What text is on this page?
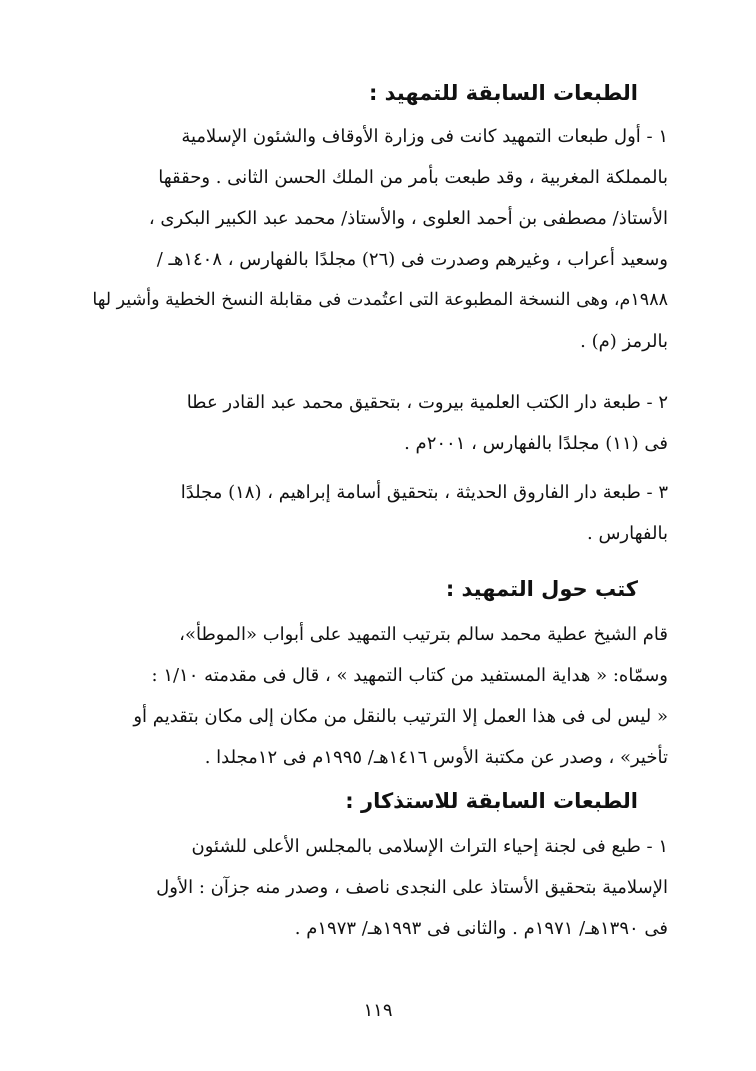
الطبعات السابقة للتمهيد :
١ - أول طبعات التمهيد كانت فى وزارة الأوقاف والشئون الإسلامية
بالمملكة المغربية ، وقد طبعت بأمر من الملك الحسن الثانى . وحققها
الأستاذ/ مصطفى بن أحمد العلوى ، والأستاذ/ محمد عبد الكبير البكرى ،
وسعيد أعراب ، وغيرهم وصدرت فى (٢٦) مجلدًا بالفهارس ، ١٤٠٨هـ /
١٩٨٨م، وهى النسخة المطبوعة التى اعتُمدت فى مقابلة النسخ الخطية وأشير لها
بالرمز (م) .
٢ - طبعة دار الكتب العلمية بيروت ، بتحقيق محمد عبد القادر عطا
فى (١١) مجلدًا بالفهارس ، ٢٠٠١م .
٣ - طبعة دار الفاروق الحديثة ، بتحقيق أسامة إبراهيم ، (١٨) مجلدًا
بالفهارس .
كتب حول التمهيد :
قام الشيخ عطية محمد سالم بترتيب التمهيد على أبواب «الموطأ»،
وسمّاه: « هداية المستفيد من كتاب التمهيد » ، قال فى مقدمته ١/١٠ :
« ليس لى فى هذا العمل إلا الترتيب بالنقل من مكان إلى مكان بتقديم أو
تأخير» ، وصدر عن مكتبة الأوس ١٤١٦هـ/ ١٩٩٥م فى ١٢مجلدا .
الطبعات السابقة للاستذكار :
١ - طبع فى لجنة إحياء التراث الإسلامى بالمجلس الأعلى للشئون
الإسلامية بتحقيق الأستاذ على النجدى ناصف ، وصدر منه جزآن : الأول
فى ١٣٩٠هـ/ ١٩٧١م . والثانى فى ١٩٩٣هـ/ ١٩٧٣م .
١١٩
